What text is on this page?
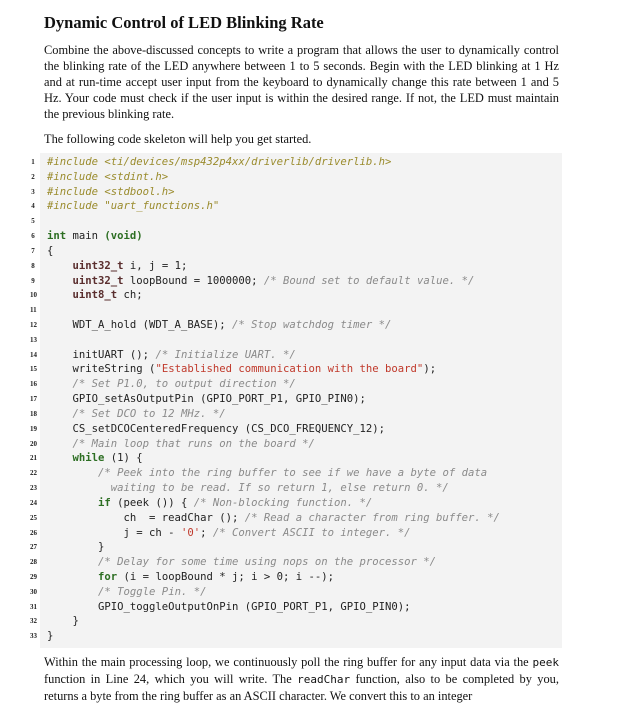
Dynamic Control of LED Blinking Rate
Combine the above-discussed concepts to write a program that allows the user to dynamically control the blinking rate of the LED anywhere between 1 to 5 seconds. Begin with the LED blinking at 1 Hz and at run-time accept user input from the keyboard to dynamically change this rate between 1 and 5 Hz. Your code must check if the user input is within the desired range. If not, the LED must maintain the previous blinking rate.
The following code skeleton will help you get started.
1 #include <ti/devices/msp432p4xx/driverlib/driverlib.h>
2 #include <stdint.h>
3 #include <stdbool.h>
4 #include "uart_functions.h"
5
6 int main (void)
7 {
8	uint32_t i, j = 1;
9	uint32_t loopBound = 1000000; /* Bound set to default value. */
10	uint8_t ch;
11
12 WDT_A_hold (WDT_A_BASE); /* Stop watchdog timer */
13
14 initUART (); /* Initialize UART. */
15 writeString ("Established communication with the board");
16	/* Set P1.0, to output direction */
17 GPIO_setAsOutputPin (GPIO_PORT_P1, GPIO_PIN0);
18	/* Set DCO to 12 MHz. */
19 CS_setDCOCenteredFrequency (CS_DCO_FREQUENCY_12);
20	/* Main loop that runs on the board */
21	while (1) {
22	/* Peek into the ring buffer to see if we have a byte of data
23	waiting to be read. If so return 1, else return 0. */
24	if (peek ()) { /* Non-blocking function. */
25 ch  = readChar (); /* Read a character from ring buffer. */
26 j = ch - '0'; /* Convert ASCII to integer. */
27 }
28	/* Delay for some time using nops on the processor */
29	for (i = loopBound * j; i > 0; i --);
30	/* Toggle Pin. */
31 GPIO_toggleOutputOnPin (GPIO_PORT_P1, GPIO_PIN0);
32 }
33 }
Within the main processing loop, we continuously poll the ring buffer for any input data via the peek function in Line 24, which you will write. The readChar function, also to be completed by you, returns a byte from the ring buffer as an ASCII character. We convert this to an integer
